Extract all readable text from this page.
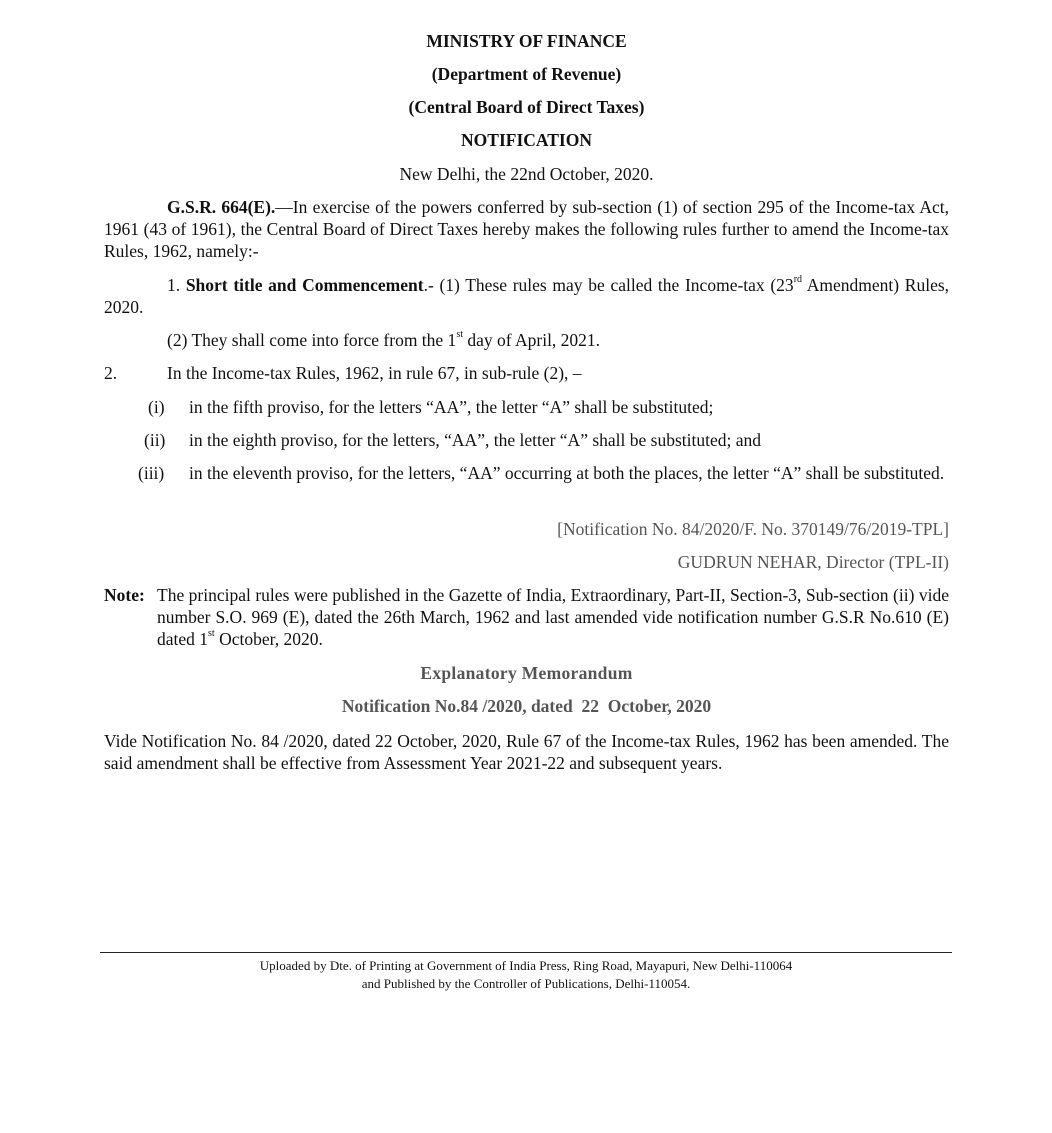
MINISTRY OF FINANCE
(Department of Revenue)
(Central Board of Direct Taxes)
NOTIFICATION
New Delhi, the 22nd October, 2020.
G.S.R. 664(E).—In exercise of the powers conferred by sub-section (1) of section 295 of the Income-tax Act, 1961 (43 of 1961), the Central Board of Direct Taxes hereby makes the following rules further to amend the Income-tax Rules, 1962, namely:-
1. Short title and Commencement.- (1) These rules may be called the Income-tax (23rd Amendment) Rules, 2020.
(2) They shall come into force from the 1st day of April, 2021.
2.	In the Income-tax Rules, 1962, in rule 67, in sub-rule (2), –
(i) in the fifth proviso, for the letters “AA”, the letter “A” shall be substituted;
(ii) in the eighth proviso, for the letters, “AA”, the letter “A” shall be substituted; and
(iii) in the eleventh proviso, for the letters, “AA” occurring at both the places, the letter “A” shall be substituted.
[Notification No. 84/2020/F. No. 370149/76/2019-TPL]
GUDRUN NEHAR, Director (TPL-II)
Note: The principal rules were published in the Gazette of India, Extraordinary, Part-II, Section-3, Sub-section (ii) vide number S.O. 969 (E), dated the 26th March, 1962 and last amended vide notification number G.S.R No.610 (E) dated 1st October, 2020.
Explanatory Memorandum
Notification No.84 /2020, dated  22  October, 2020
Vide Notification No. 84 /2020, dated 22 October, 2020, Rule 67 of the Income-tax Rules, 1962 has been amended. The said amendment shall be effective from Assessment Year 2021-22 and subsequent years.
Uploaded by Dte. of Printing at Government of India Press, Ring Road, Mayapuri, New Delhi-110064
and Published by the Controller of Publications, Delhi-110054.
